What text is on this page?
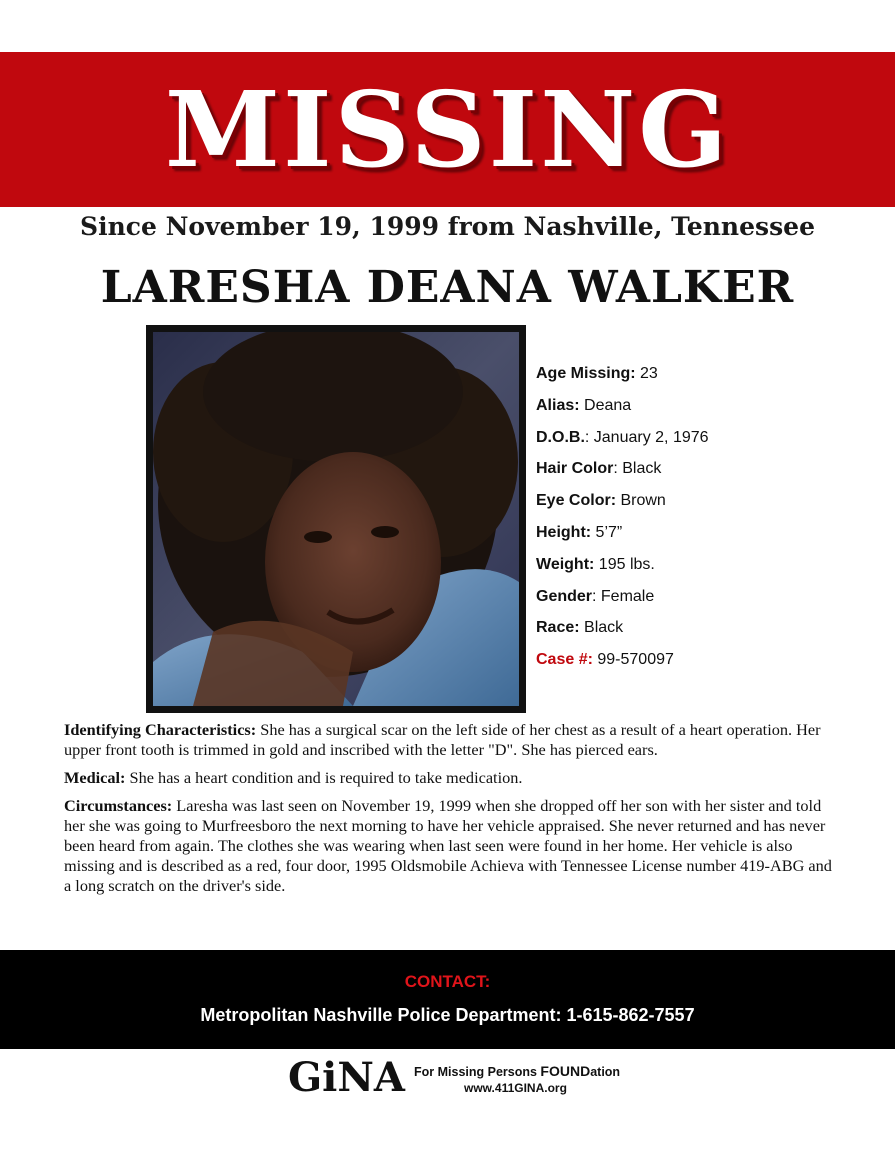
MISSING
Since November 19, 1999 from Nashville, Tennessee
LARESHA DEANA WALKER
Age Missing: 23
Alias: Deana
D.O.B.: January 2, 1976
Hair Color: Black
Eye Color: Brown
Height: 5’7”
Weight: 195 lbs.
Gender: Female
Race: Black
Case #: 99-570097

Identifying Characteristics: She has a surgical scar on the left side of her chest as a result of a heart operation. Her upper front tooth is trimmed in gold and inscribed with the letter "D". She has pierced ears.

Medical: She has a heart condition and is required to take medication.

Circumstances: Laresha was last seen on November 19, 1999 when she dropped off her son with her sister and told her she was going to Murfreesboro the next morning to have her vehicle appraised. She never returned and has never been heard from again. The clothes she was wearing when last seen were found in her home. Her vehicle is also missing and is described as a red, four door, 1995 Oldsmobile Achieva with Tennessee License number 419-ABG and a long scratch on the driver's side.

CONTACT:
Metropolitan Nashville Police Department: 1-615-862-7557
GiNA For Missing Persons FOUNDation
www.411GINA.org
